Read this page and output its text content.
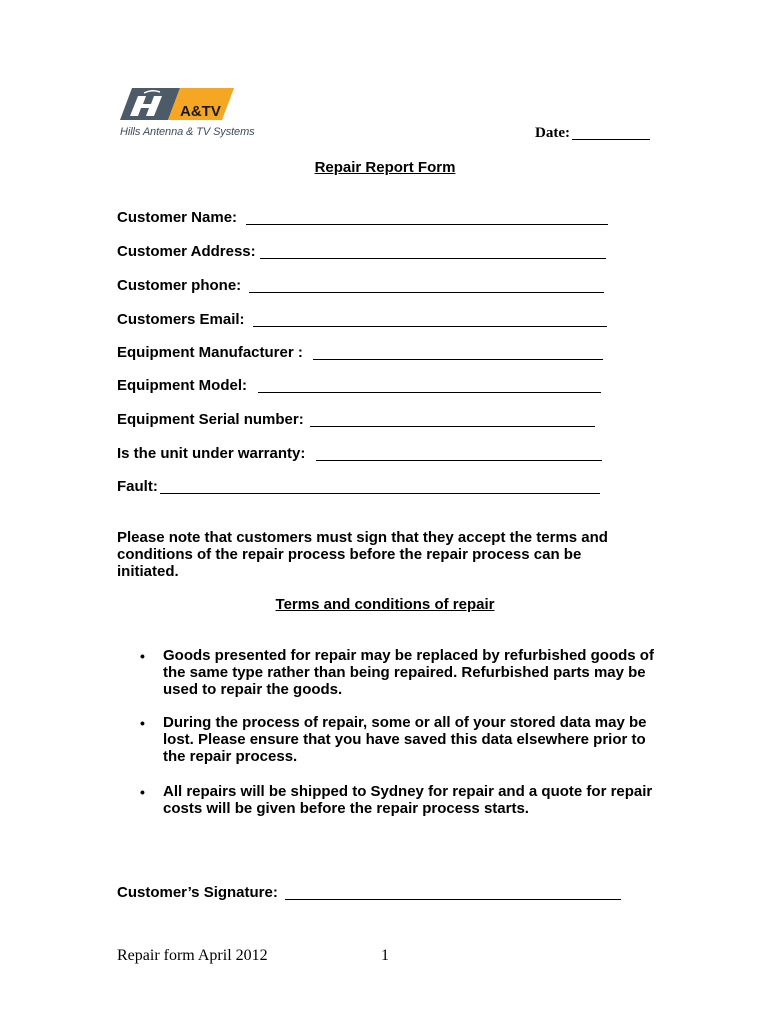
A&TV
Hills Antenna & TV Systems	Date:
Repair Report Form
Customer Name:
Customer Address:
Customer phone:
Customers Email:
Equipment Manufacturer :
Equipment Model:
Equipment Serial number:
Is the unit under warranty:
Fault:
Please note that customers must sign that they accept the terms and conditions of the repair process before the repair process can be initiated.
Terms and conditions of repair
• Goods presented for repair may be replaced by refurbished goods of the same type rather than being repaired. Refurbished parts may be used to repair the goods.
• During the process of repair, some or all of your stored data may be lost. Please ensure that you have saved this data elsewhere prior to the repair process.
• All repairs will be shipped to Sydney for repair and a quote for repair costs will be given before the repair process starts.
Customer’s Signature:
Repair form April 2012	1
